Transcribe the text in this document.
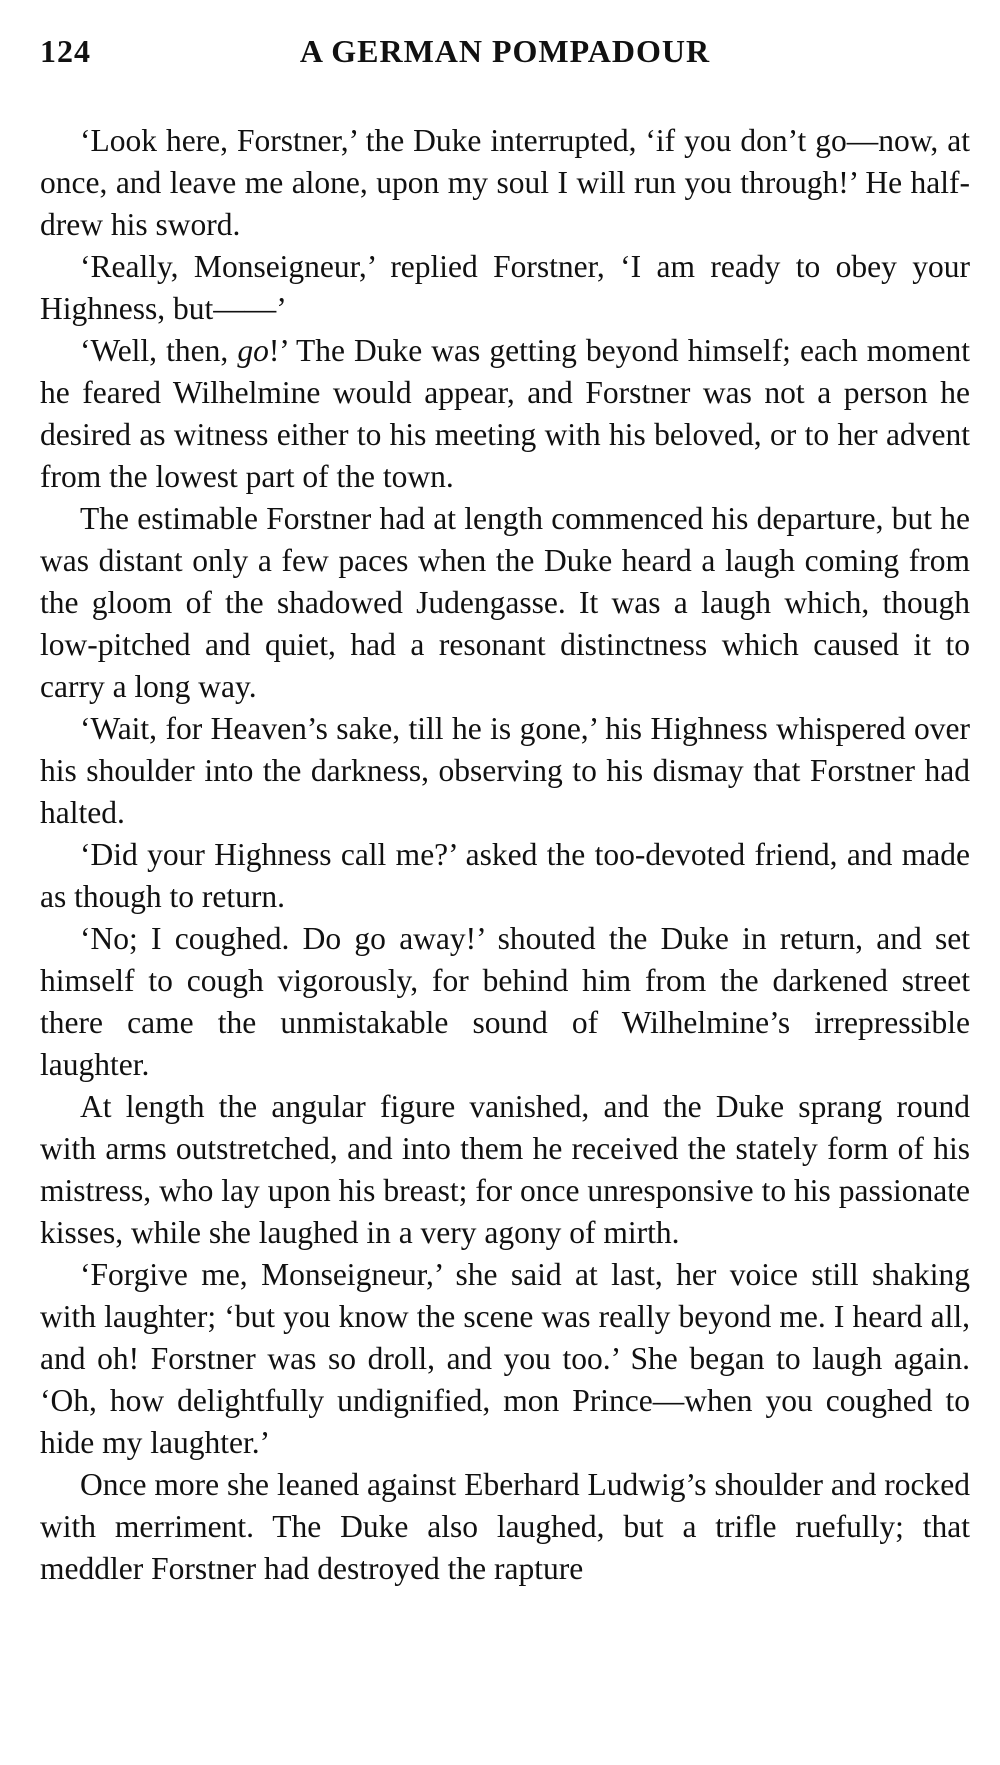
124	A GERMAN POMPADOUR

‘Look here, Forstner,’ the Duke interrupted, ‘if you don’t go—now, at once, and leave me alone, upon my soul I will run you through!’ He half-drew his sword.

‘Really, Monseigneur,’ replied Forstner, ‘I am ready to obey your Highness, but——’

‘Well, then, go!’ The Duke was getting beyond himself; each moment he feared Wilhelmine would appear, and Forstner was not a person he desired as witness either to his meeting with his beloved, or to her advent from the lowest part of the town.

The estimable Forstner had at length commenced his departure, but he was distant only a few paces when the Duke heard a laugh coming from the gloom of the shadowed Judengasse. It was a laugh which, though low-pitched and quiet, had a resonant distinctness which caused it to carry a long way.

‘Wait, for Heaven’s sake, till he is gone,’ his Highness whispered over his shoulder into the darkness, observing to his dismay that Forstner had halted.

‘Did your Highness call me?’ asked the too-devoted friend, and made as though to return.

‘No; I coughed. Do go away!’ shouted the Duke in return, and set himself to cough vigorously, for behind him from the darkened street there came the unmistakable sound of Wilhelmine’s irrepressible laughter.

At length the angular figure vanished, and the Duke sprang round with arms outstretched, and into them he received the stately form of his mistress, who lay upon his breast; for once unresponsive to his passionate kisses, while she laughed in a very agony of mirth.

‘Forgive me, Monseigneur,’ she said at last, her voice still shaking with laughter; ‘but you know the scene was really beyond me. I heard all, and oh! Forstner was so droll, and you too.’ She began to laugh again. ‘Oh, how delightfully undignified, mon Prince—when you coughed to hide my laughter.’

Once more she leaned against Eberhard Ludwig’s shoulder and rocked with merriment. The Duke also laughed, but a trifle ruefully; that meddler Forstner had destroyed the rapture
